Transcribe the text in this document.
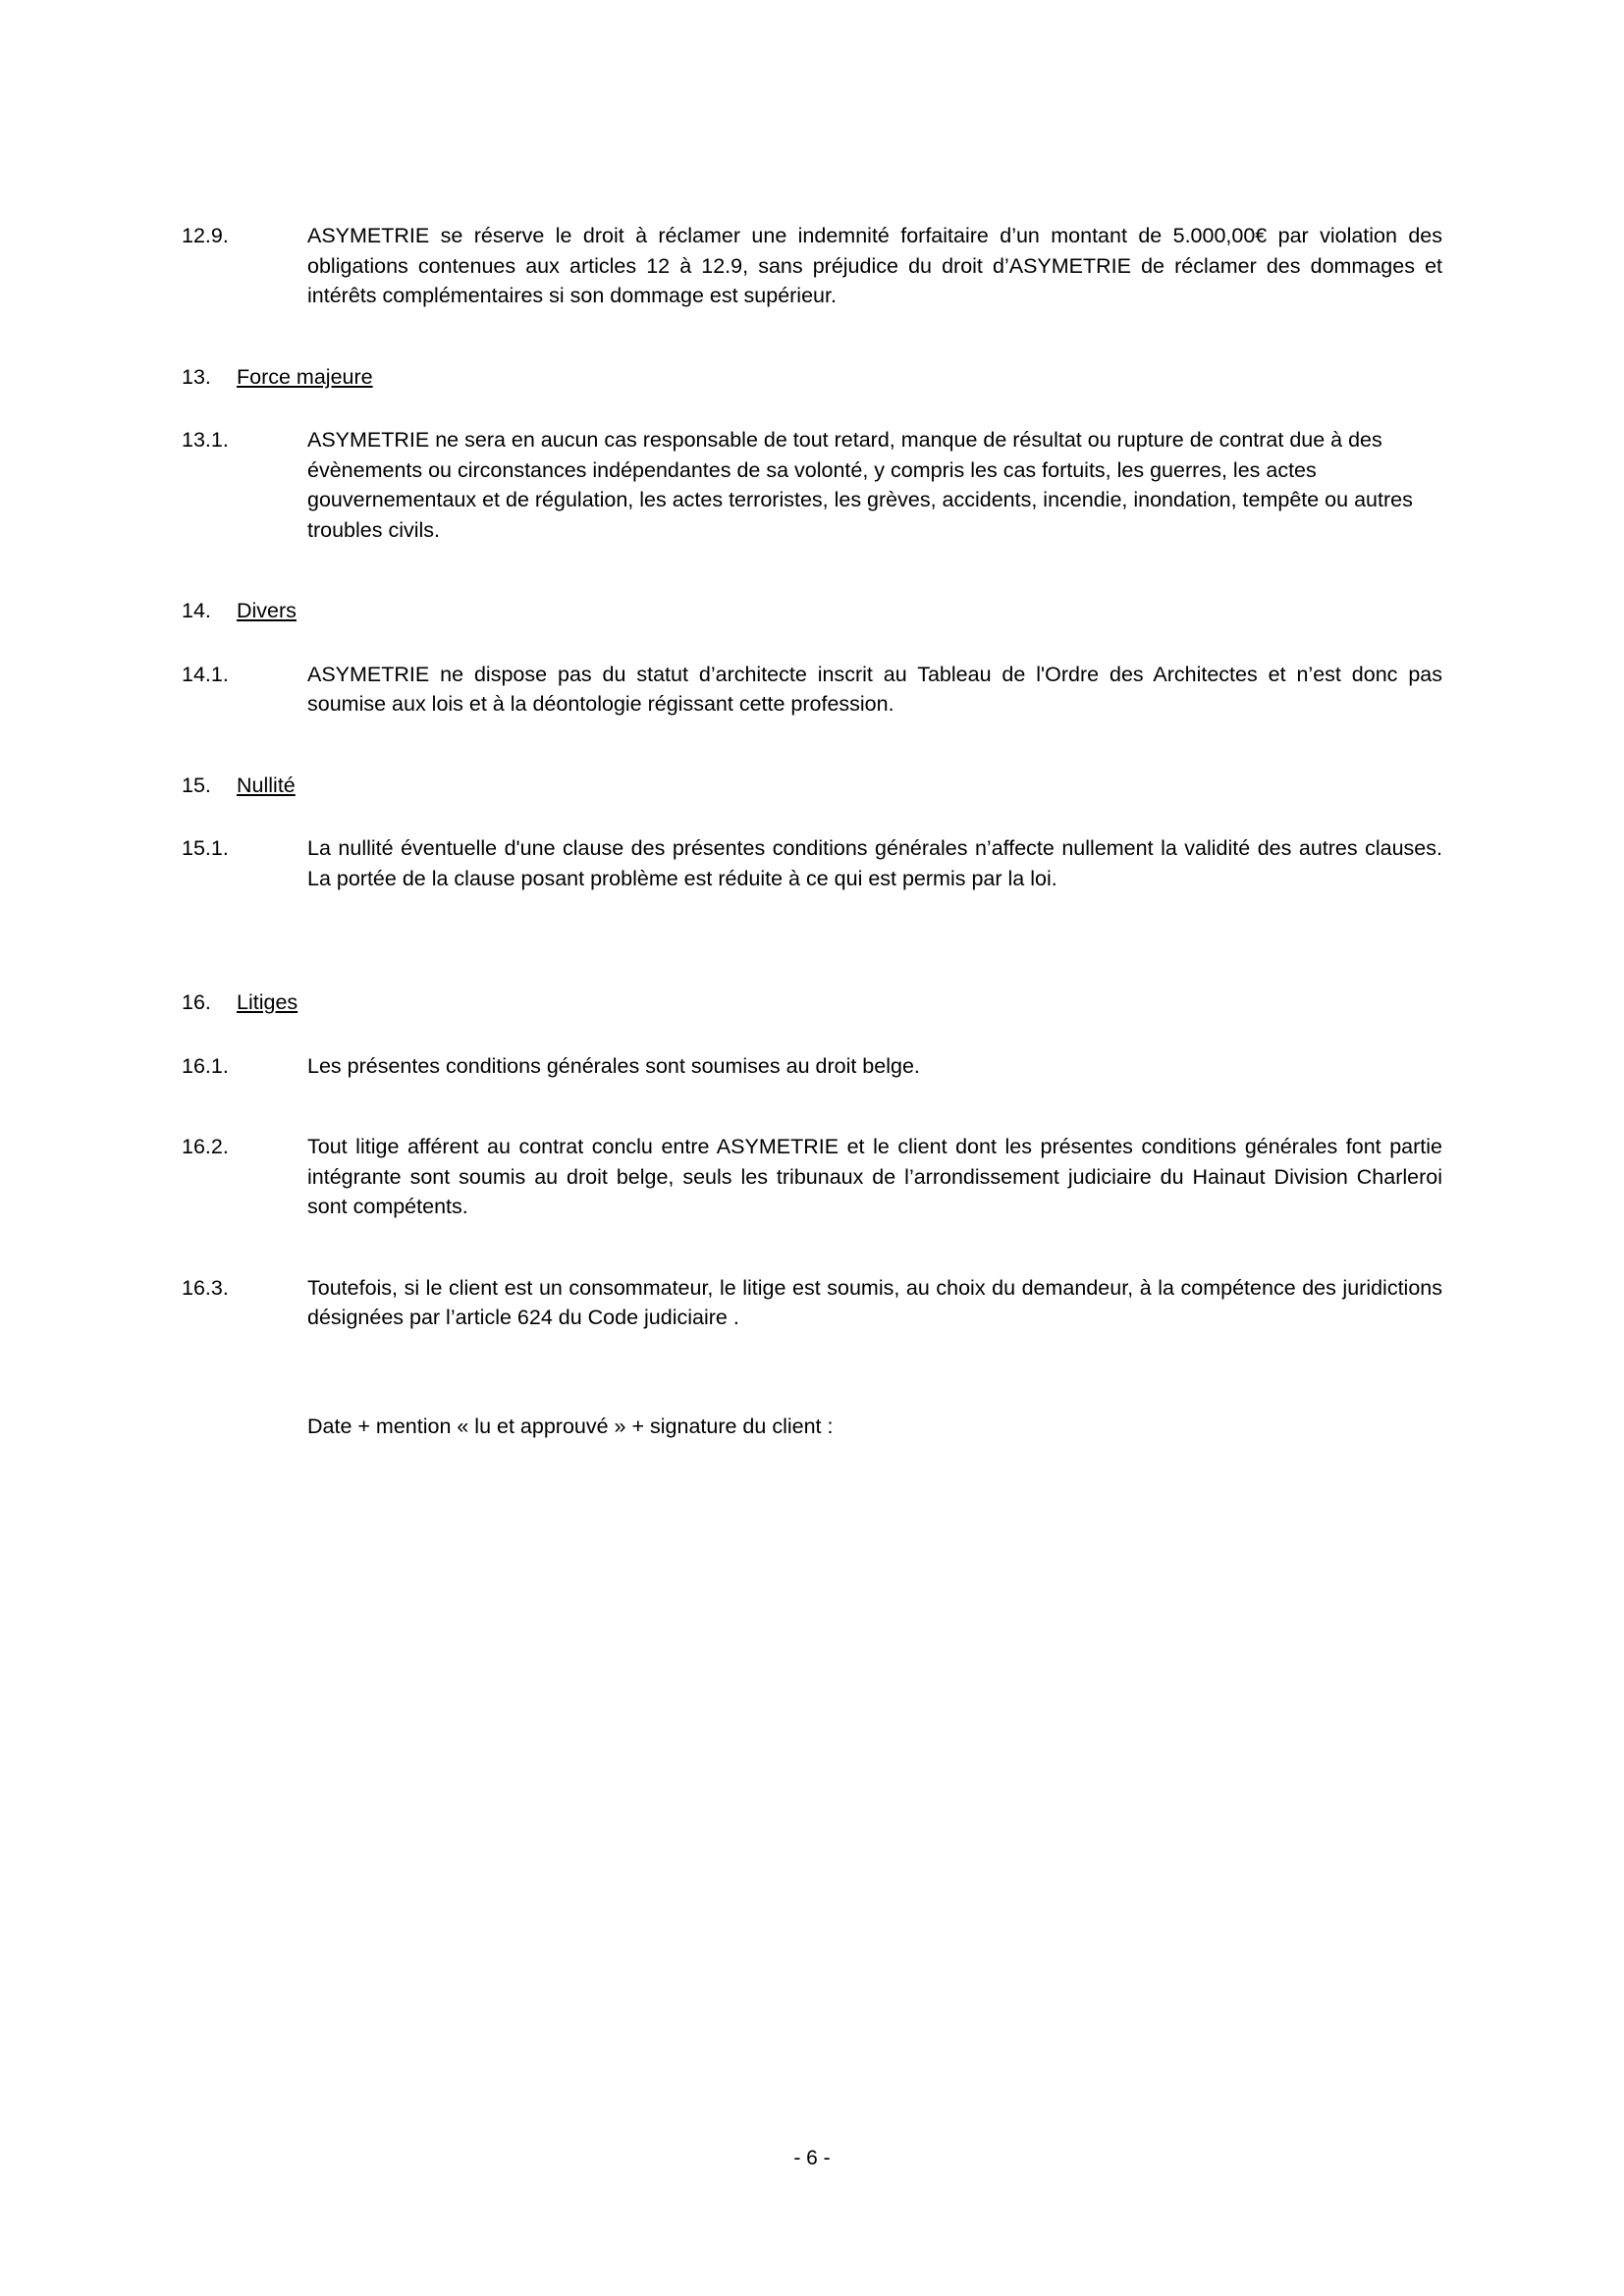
12.9.	ASYMETRIE se réserve le droit à réclamer une indemnité forfaitaire d’un montant de 5.000,00€ par violation des obligations contenues aux articles 12 à 12.9, sans préjudice du droit d’ASYMETRIE de réclamer des dommages et intérêts complémentaires si son dommage est supérieur.
13.	Force majeure
13.1.	ASYMETRIE ne sera en aucun cas responsable de tout retard, manque de résultat ou rupture de contrat due à des évènements ou circonstances indépendantes de sa volonté, y compris les cas fortuits, les guerres, les actes gouvernementaux et de régulation, les actes terroristes, les grèves, accidents, incendie, inondation, tempête ou autres troubles civils.
14.	Divers
14.1.	ASYMETRIE ne dispose pas du statut d’architecte inscrit au Tableau de l'Ordre des Architectes et n’est donc pas soumise aux lois et à la déontologie régissant cette profession.
15.	Nullité
15.1.	La nullité éventuelle d'une clause des présentes conditions générales n’affecte nullement la validité des autres clauses. La portée de la clause posant problème est réduite à ce qui est permis par la loi.
16.	Litiges
16.1.	Les présentes conditions générales sont soumises au droit belge.
16.2.	Tout litige afférent au contrat conclu entre ASYMETRIE et le client dont les présentes conditions générales font partie intégrante sont soumis au droit belge, seuls les tribunaux de l’arrondissement judiciaire du Hainaut Division Charleroi sont compétents.
16.3.	Toutefois, si le client est un consommateur, le litige est soumis, au choix du demandeur, à la compétence des juridictions désignées par l’article 624 du Code judiciaire .
Date + mention « lu et approuvé » + signature du client :
- 6 -
